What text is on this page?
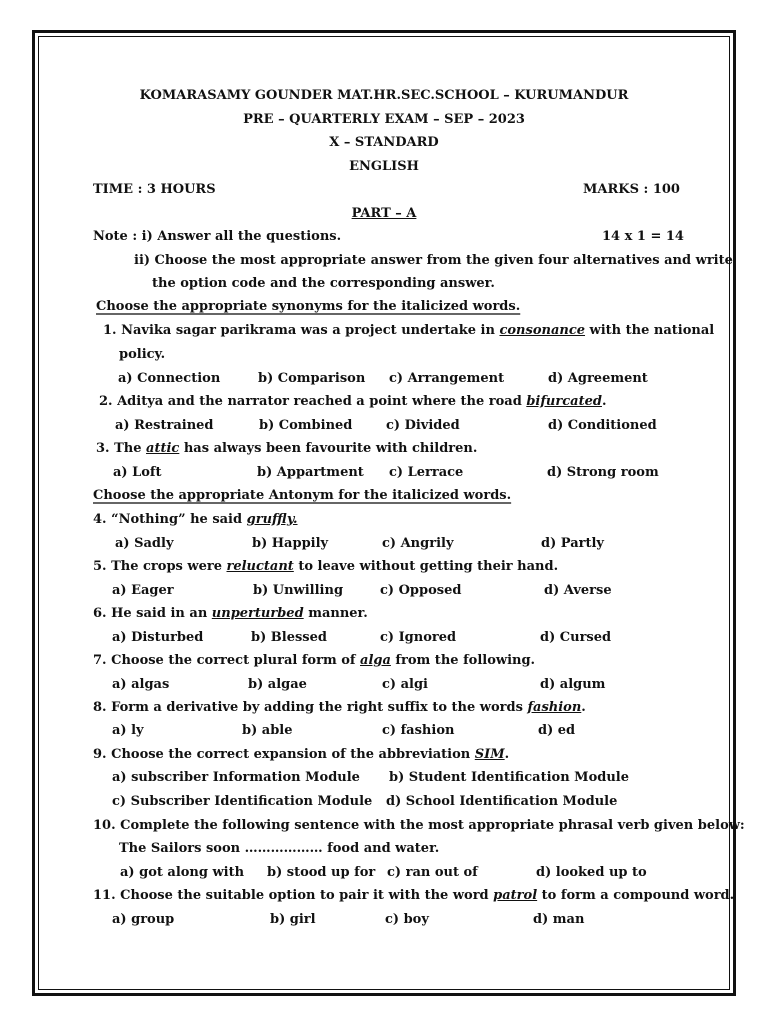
KOMARASAMY GOUNDER MAT.HR.SEC.SCHOOL – KURUMANDUR
PRE – QUARTERLY EXAM – SEP – 2023
X – STANDARD
ENGLISH
TIME : 3 HOURS	MARKS : 100
PART – A
Note : i) Answer all the questions.	14 x 1 = 14
ii) Choose the most appropriate answer from the given four alternatives and write
the option code and the corresponding answer.
Choose the appropriate synonyms for the italicized words.
1. Navika sagar parikrama was a project undertake in consonance with the national
policy.
a) Connection	b) Comparison c) Arrangement	d) Agreement
2. Aditya and the narrator reached a point where the road bifurcated.
a) Restrained	b) Combined	c) Divided	d) Conditioned
3. The attic has always been favourite with children.
a) Loft	b) Appartment c) Lerrace	d) Strong room
Choose the appropriate Antonym for the italicized words.
4. “Nothing” he said gruffly.
a) Sadly	b) Happily	c) Angrily	d) Partly
5. The crops were reluctant to leave without getting their hand.
a) Eager	b) Unwilling	c) Opposed	d) Averse
6. He said in an unperturbed manner.
a) Disturbed	b) Blessed	c) Ignored	d) Cursed
7. Choose the correct plural form of alga from the following.
a) algas	b) algae	c) algi	d) algum
8. Form a derivative by adding the right suffix to the words fashion.
a) ly	b) able	c) fashion	d) ed
9. Choose the correct expansion of the abbreviation SIM.
a) subscriber Information Module b) Student Identification Module
c) Subscriber Identification Module d) School Identification Module
10. Complete the following sentence with the most appropriate phrasal verb given below:
The Sailors soon ……………… food and water.
a) got along with b) stood up for c) ran out of	d) looked up to
11. Choose the suitable option to pair it with the word patrol to form a compound word.
a) group	b) girl	c) boy	d) man
